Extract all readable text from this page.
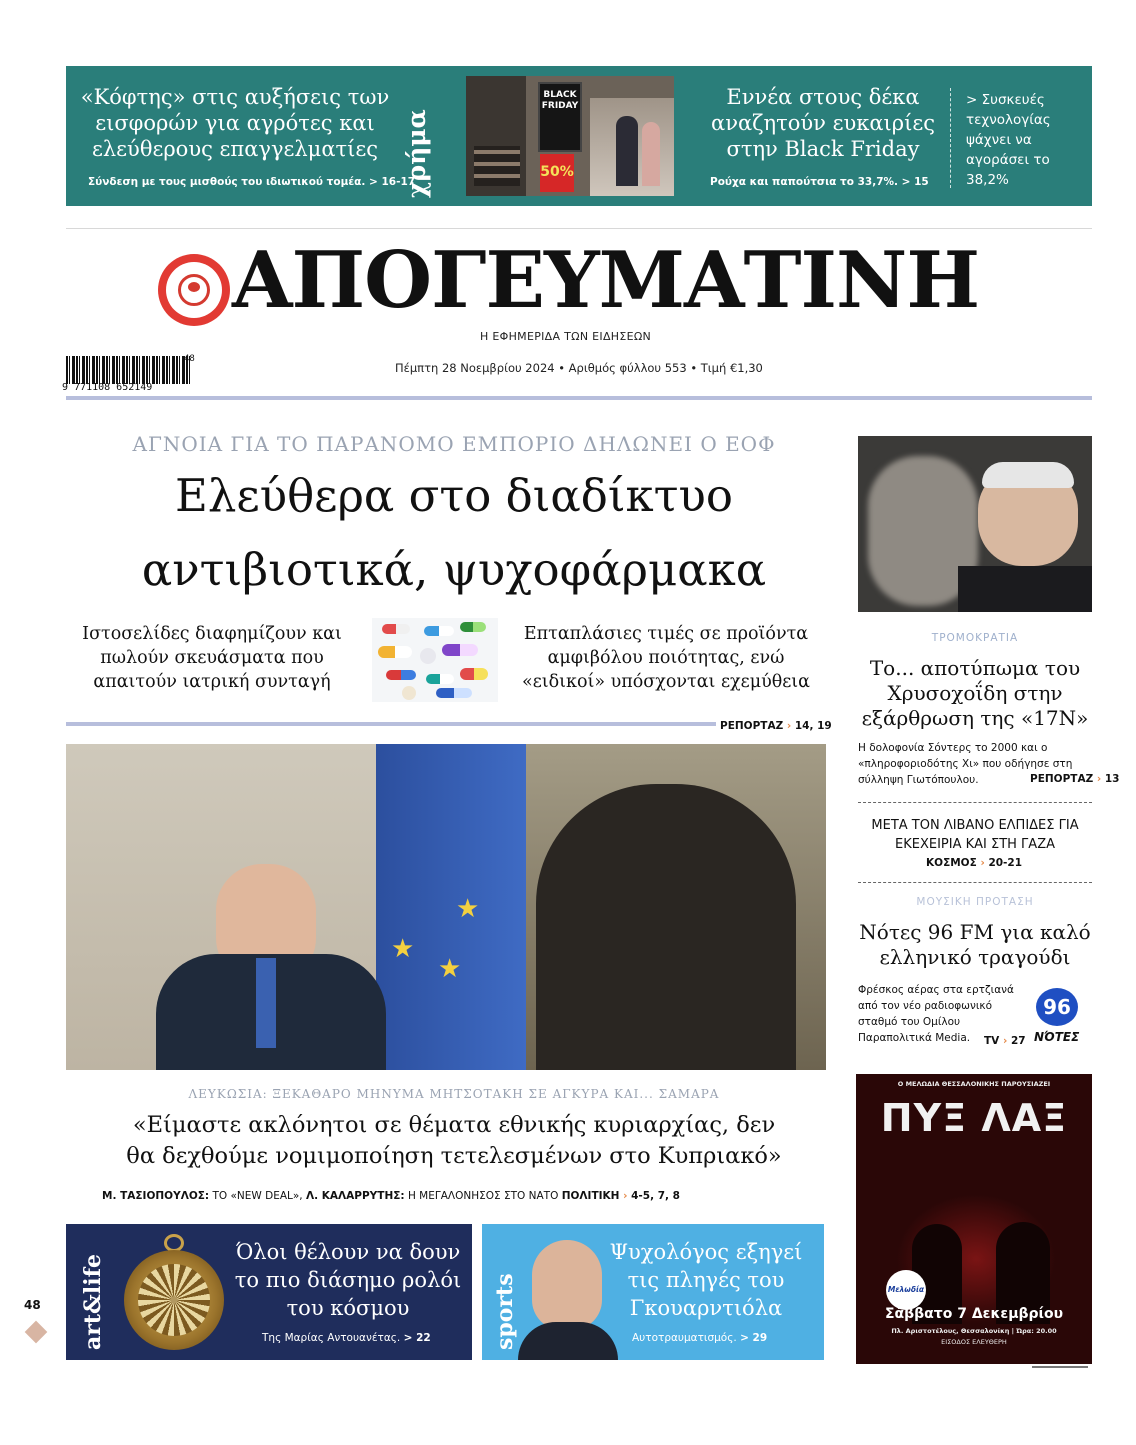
«Κόφτης» στις αυξήσεις των εισφορών για αγρότες και ελεύθερους επαγγελματίες
Σύνδεση με τους μισθούς του ιδιωτικού τομέα. > 16-17
χρήμα
BLACK FRIDAY
50%
Εννέα στους δέκα αναζητούν ευκαιρίες στην Black Friday
Ρούχα και παπούτσια το 33,7%. > 15
> Συσκευές τεχνολογίας ψάχνει να αγοράσει το 38,2%
ΑΠΟΓΕΥΜΑΤΙΝΗ
Η ΕΦΗΜΕΡΙΔΑ ΤΩΝ ΕΙΔΗΣΕΩΝ
9 771108 652149
48
Πέμπτη 28 Νοεμβρίου 2024 • Αριθμός φύλλου 553 • Τιμή €1,30
ΑΓΝΟΙΑ ΓΙΑ ΤΟ ΠΑΡΑΝΟΜΟ ΕΜΠΟΡΙΟ ΔΗΛΩΝΕΙ Ο ΕΟΦ
Ελεύθερα στο διαδίκτυο
αντιβιοτικά, ψυχοφάρμακα
Ιστοσελίδες διαφημίζουν και πωλούν σκευάσματα που απαιτούν ιατρική συνταγή
Επταπλάσιες τιμές σε προϊόντα αμφιβόλου ποιότητας, ενώ «ειδικοί» υπόσχονται εχεμύθεια
ΡΕΠΟΡΤΑΖ › 14, 19
★
★
★
ΛΕΥΚΩΣΙΑ: ΞΕΚΑΘΑΡΟ ΜΗΝΥΜΑ ΜΗΤΣΟΤΑΚΗ ΣΕ ΑΓΚΥΡΑ ΚΑΙ... ΣΑΜΑΡΑ
«Είμαστε ακλόνητοι σε θέματα εθνικής κυριαρχίας, δεν
θα δεχθούμε νομιμοποίηση τετελεσμένων στο Κυπριακό»
Μ. ΤΑΣΙΟΠΟΥΛΟΣ: ΤΟ «NEW DEAL», Λ. ΚΑΛΑΡΡΥΤΗΣ: Η ΜΕΓΑΛΟΝΗΣΟΣ ΣΤΟ ΝΑΤΟ ΠΟΛΙΤΙΚΗ › 4-5, 7, 8
ΤΡΟΜΟΚΡΑΤΙΑ
Το... αποτύπωμα του Χρυσοχοΐδη στην εξάρθρωση της «17Ν»
Η δολοφονία Σόντερς το 2000 και ο «πληροφοριοδότης Χι» που οδήγησε στη σύλληψη Γιωτόπουλου.	ΡΕΠΟΡΤΑΖ › 13
ΜΕΤΑ ΤΟΝ ΛΙΒΑΝΟ ΕΛΠΙΔΕΣ ΓΙΑ ΕΚΕΧΕΙΡΙΑ ΚΑΙ ΣΤΗ ΓΑΖΑ
ΚΟΣΜΟΣ › 20-21
ΜΟΥΣΙΚΗ ΠΡΟΤΑΣΗ
Νότες 96 FM για καλό ελληνικό τραγούδι
Φρέσκος αέρας στα ερτζιανά από τον νέο ραδιοφωνικό σταθμό του Ομίλου Παραπολιτικά Media.	TV › 27
96
ΝΌΤΕΣ
Ο ΜΕΛΩΔΙΑ ΘΕΣΣΑΛΟΝΙΚΗΣ ΠΑΡΟΥΣΙΑΖΕΙ
ΠΥΞ ΛΑΞ
Μελωδία
Σάββατο 7 Δεκεμβρίου
Πλ. Αριστοτέλους, Θεσσαλονίκη | Ώρα: 20.00
ΕΙΣΟΔΟΣ ΕΛΕΥΘΕΡΗ
art&life
Όλοι θέλουν να δουν το πιο διάσημο ρολόι του κόσμου
Της Μαρίας Αντουανέτας. > 22	sports
Ψυχολόγος εξηγεί τις πληγές του Γκουαρντιόλα
Αυτοτραυματισμός. > 29
48
